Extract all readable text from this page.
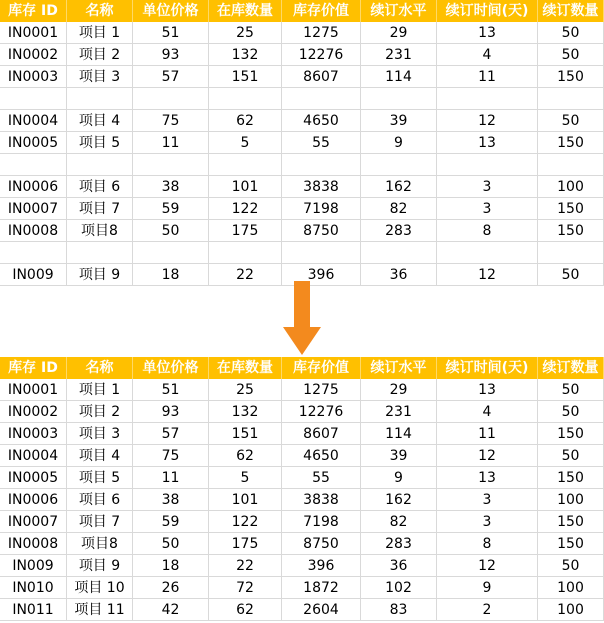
库存 ID	名称	单位价格	在库数量	库存价值	续订水平	续订时间(天)	续订数量
IN0001	项目 1	51	25	1275	29	13	50
IN0002	项目 2	93	132	12276	231	4	50
IN0003	项目 3	57	151	8607	114	11	150
IN0004	项目 4	75	62	4650	39	12	50
IN0005	项目 5	11	5	55	9	13	150
IN0006	项目 6	38	101	3838	162	3	100
IN0007	项目 7	59	122	7198	82	3	150
IN0008	项目8	50	175	8750	283	8	150
IN009	项目 9	18	22	396	36	12	50
库存 ID	名称	单位价格	在库数量	库存价值	续订水平	续订时间(天)	续订数量
IN0001	项目 1	51	25	1275	29	13	50
IN0002	项目 2	93	132	12276	231	4	50
IN0003	项目 3	57	151	8607	114	11	150
IN0004	项目 4	75	62	4650	39	12	50
IN0005	项目 5	11	5	55	9	13	150
IN0006	项目 6	38	101	3838	162	3	100
IN0007	项目 7	59	122	7198	82	3	150
IN0008	项目8	50	175	8750	283	8	150
IN009	项目 9	18	22	396	36	12	50
IN010	项目 10	26	72	1872	102	9	100
IN011	项目 11	42	62	2604	83	2	100
